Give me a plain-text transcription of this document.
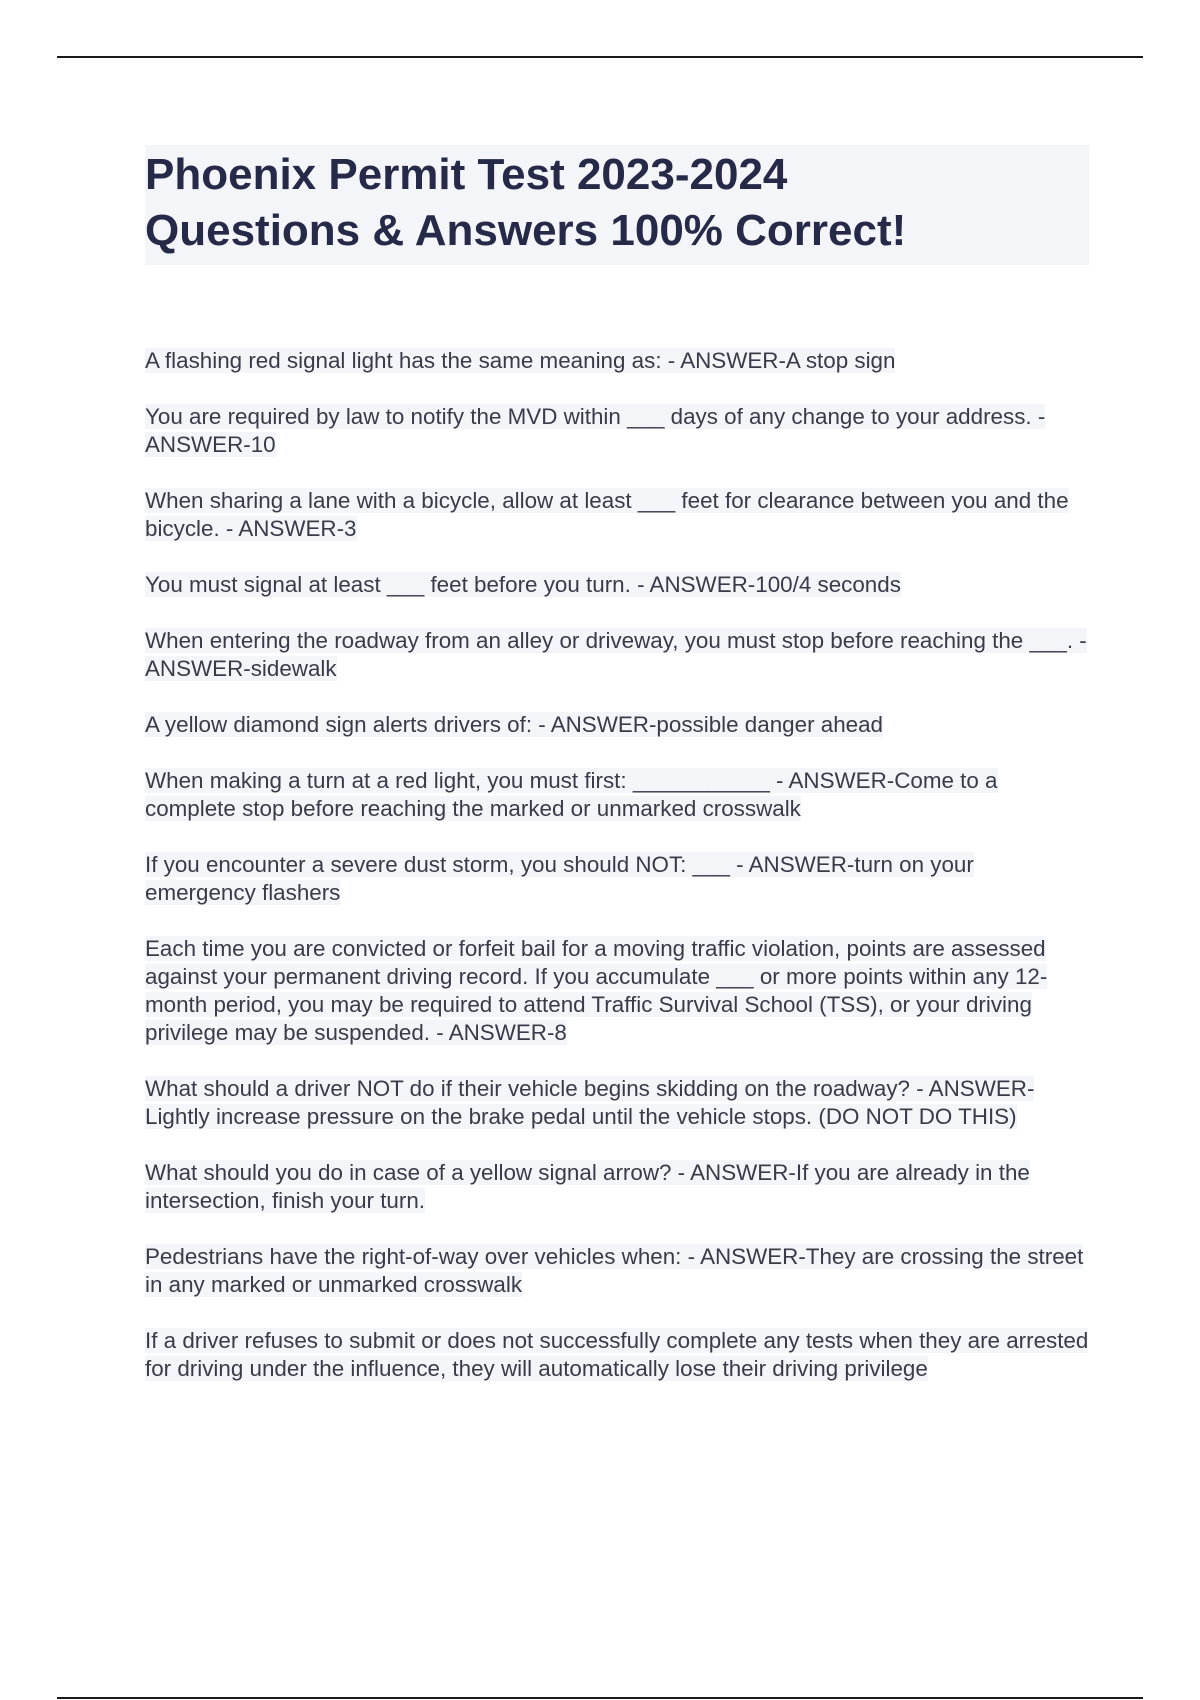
Phoenix Permit Test 2023-2024
Questions & Answers 100% Correct!
A flashing red signal light has the same meaning as: - ANSWER-A stop sign
You are required by law to notify the MVD within ___ days of any change to your address. - ANSWER-10
When sharing a lane with a bicycle, allow at least ___ feet for clearance between you and the bicycle. - ANSWER-3
You must signal at least ___ feet before you turn. - ANSWER-100/4 seconds
When entering the roadway from an alley or driveway, you must stop before reaching the ___. - ANSWER-sidewalk
A yellow diamond sign alerts drivers of: - ANSWER-possible danger ahead
When making a turn at a red light, you must first: ___________ - ANSWER-Come to a complete stop before reaching the marked or unmarked crosswalk
If you encounter a severe dust storm, you should NOT: ___ - ANSWER-turn on your emergency flashers
Each time you are convicted or forfeit bail for a moving traffic violation, points are assessed against your permanent driving record. If you accumulate ___ or more points within any 12-month period, you may be required to attend Traffic Survival School (TSS), or your driving privilege may be suspended. - ANSWER-8
What should a driver NOT do if their vehicle begins skidding on the roadway? - ANSWER-Lightly increase pressure on the brake pedal until the vehicle stops. (DO NOT DO THIS)
What should you do in case of a yellow signal arrow? - ANSWER-If you are already in the intersection, finish your turn.
Pedestrians have the right-of-way over vehicles when: - ANSWER-They are crossing the street in any marked or unmarked crosswalk
If a driver refuses to submit or does not successfully complete any tests when they are arrested for driving under the influence, they will automatically lose their driving privilege
